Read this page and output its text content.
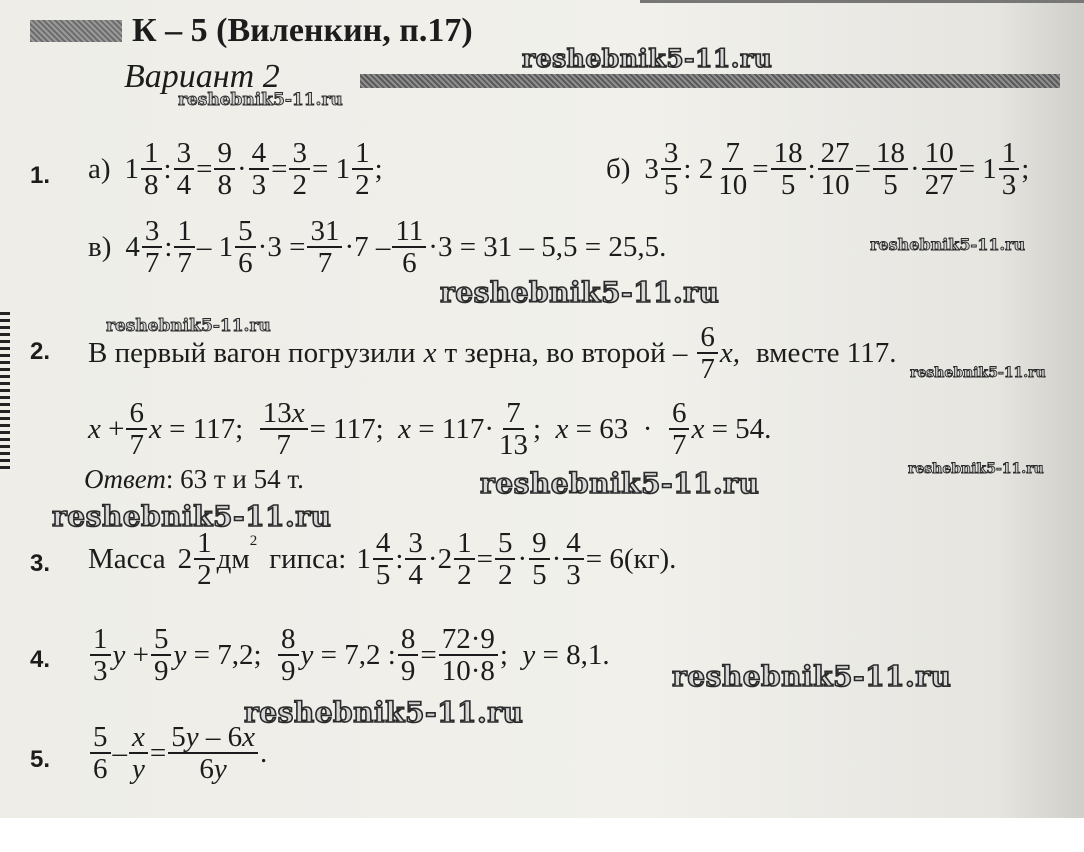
К – 5 (Виленкин, п.17)
Вариант 2	reshebnik5-11.ru
reshebnik5-11.ru
reshebnik5-11.ru
reshebnik5-11.ru
reshebnik5-11.ru
reshebnik5-11.ru
reshebnik5-11.ru
reshebnik5-11.ru
reshebnik5-11.ru
reshebnik5-11.ru
reshebnik5-11.ru
1. а) $1 \frac{1}{8}$ : $\frac{3}{4} = \frac{9}{8} \cdot \frac{4}{3} = \frac{3}{2} = 1 \frac{1}{2}$ ;	б) $3 \frac{3}{5}$ : $2 \frac{7}{10} = \frac{18}{5}$ : $\frac{27}{10} = \frac{18}{5} \cdot \frac{10}{27} = 1 \frac{1}{3}$ ;
в) $4 \frac{3}{7}$ : $\frac{1}{7} - 1 \frac{5}{6} \cdot 3 = \frac{31}{7} \cdot 7 - \frac{11}{6} \cdot 3 = 31 - 5,5 = 25,5$.
2. В первый вагон погрузили x т зерна, во второй – $\frac{6}{7} x$, вместе 117.
$x + \frac{6}{7}$ x = 117; $\frac{13x}{7} = 117$; $x = 117\cdot \frac{7}{13}$ ; $x = 63 \cdot \frac{6}{7}$ x = 54.
Ответ: 63 т и 54 т.
3. Масса $2 \frac{1}{2}$ дм
2
гипса: $1 \frac{4}{5}$ : $\frac{3}{4} \cdot 2 \frac{1}{2} = \frac{5}{2} \cdot \frac{9}{5} \cdot \frac{4}{3} = 6(кг)$.
4. $\frac{1}{3}$ $y + \frac{5}{9}$ y = 7,2; $\frac{8}{9}$ y = 7,2 : $\frac{8}{9} = \frac{72\cdot 9}{10\cdot 8}$ ; y = 8,1.
5. $\frac{5}{6} - \frac{x}{y} = \frac{5y - 6x}{6y}$ .
